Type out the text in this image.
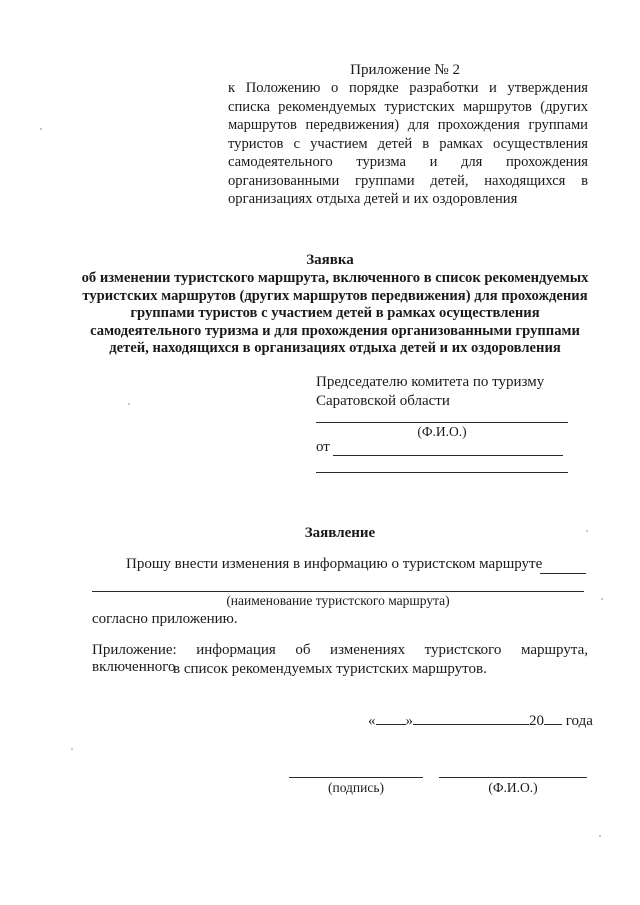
Приложение № 2
к Положению о порядке разработки и утверждения списка рекомендуемых туристских маршрутов (других маршрутов передвижения) для прохождения группами туристов с участием детей в рамках осуществления самодеятельного туризма и для прохождения организованными группами детей, находящихся в организациях отдыха детей и их оздоровления
Заявка
об изменении туристского маршрута, включенного в список рекомендуемых туристских маршрутов (других маршрутов передвижения) для прохождения группами туристов с участием детей в рамках осуществления самодеятельного туризма и для прохождения организованными группами детей, находящихся в организациях отдыха детей и их оздоровления
Председателю комитета по туризму
Саратовской области
(Ф.И.О.)
от
Заявление
Прошу внести изменения в информацию о туристском маршруте
(наименование туристского маршрута)
согласно приложению.
Приложение: информация об изменениях туристского маршрута, включенного
в список рекомендуемых туристских маршрутов.
« »	20 года
(подпись)	(Ф.И.О.)
